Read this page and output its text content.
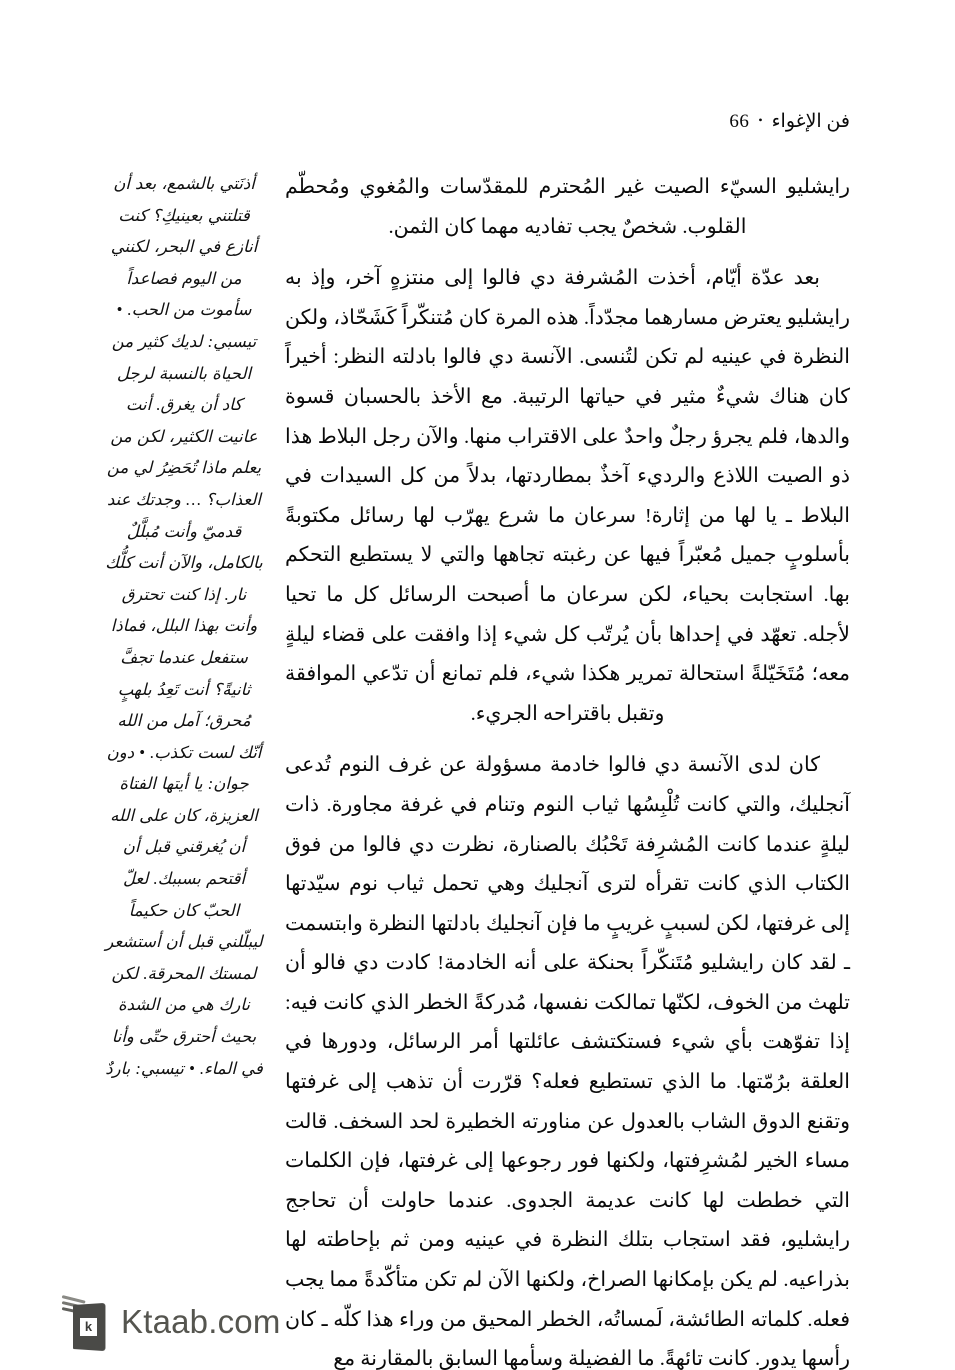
فن الإغواء
•
66

أذنَتي بالشمع، بعد أن قتلتني بعينيكِ؟ كنت أنازع في البحر، لكنني من اليوم فصاعداً سأموت من الحب. • تيسبي: لديك كثير من الحياة بالنسبة لرجل كاد أن يغرق. أنت عانيت الكثير، لكن من يعلم ماذا تُحَضِرُ لي من العذاب؟ … وجدتك عند قدميّ وأنت مُبلَّلٌ بالكامل، والآن أنت كلُّك نار. إذا كنت تحترق وأنت بهذا البلل، فماذا ستفعل عندما تجفَّ ثانيةً؟ أنت تَعِدُ بلهبٍ مُحرق؛ آمل من الله أنّك لست تكذب. • دون جوان: يا أيتها الفتاة العزيزة، كان على الله أن يُغرقني قبل أن أقتحم بسببك. لعلّ الحبّ كان حكيماً ليبلّلني قبل أن أستشعر لمستك المحرقة. لكن نارك هي من الشدة بحيث أحترق حتّى وأنا في الماء. • تيسبي: باردٌ

رايشليو السيّء الصيت غير المُحترم للمقدّسات والمُغوي ومُحطّم القلوب. شخصٌ يجب تفاديه مهما كان الثمن.

بعد عدّة أيّام، أخذت المُشرفة دي فالوا إلى منتزهٍ آخر، وإذ به رايشليو يعترض مسارهما مجدّداً. هذه المرة كان مُتنكّراً كَشَحّاذ، ولكن النظرة في عينيه لم تكن لتُنسى. الآنسة دي فالوا بادلته النظر: أخيراً كان هناك شيءٌ مثير في حياتها الرتيبة. مع الأخذ بالحسبان قسوة والدها، فلم يجرؤ رجلٌ واحدٌ على الاقتراب منها. والآن رجل البلاط هذا ذو الصيت اللاذع والرديء آخذٌ بمطاردتها، بدلاً من كل السيدات في البلاط ـ يا لها من إثارة! سرعان ما شرع يهرّب لها رسائل مكتوبةً بأسلوبٍ جميل مُعبّراً فيها عن رغبته تجاهها والتي لا يستطيع التحكم بها. استجابت بحياء، لكن سرعان ما أصبحت الرسائل كل ما تحيا لأجله. تعهّد في إحداها بأن يُرتّب كل شيء إذا وافقت على قضاء ليلةٍ معه؛ مُتَخَيّلةً استحالة تمرير هكذا شيء، فلم تمانع أن تدّعي الموافقة وتقبل باقتراحه الجريء.

كان لدى الآنسة دي فالوا خادمة مسؤولة عن غرف النوم تُدعى آنجليك، والتي كانت تُلْبِسُها ثياب النوم وتنام في غرفة مجاورة. ذات ليلةٍ عندما كانت المُشرِفة تَحْبُك بالصنارة، نظرت دي فالوا من فوق الكتاب الذي كانت تقرأه لترى آنجليك وهي تحمل ثياب نوم سيّدتها إلى غرفتها، لكن لسببٍ غريبٍ ما فإن آنجليك بادلتها النظرة وابتسمت ـ لقد كان رايشليو مُتَنكّراً بحنكة على أنه الخادمة! كادت دي فالو أن تلهث من الخوف، لكنّها تمالكت نفسها، مُدركةً الخطر الذي كانت فيه: إذا تفوّهت بأي شيء فستكتشف عائلتها أمر الرسائل، ودورها في العلقة برُمّتها. ما الذي تستطيع فعله؟ قرّرت أن تذهب إلى غرفتها وتقنع الدوق الشاب بالعدول عن مناورته الخطيرة لحد السخف. قالت مساء الخير لمُشرِفتها، ولكنها فور رجوعها إلى غرفتها، فإن الكلمات التي خططت لها كانت عديمة الجدوى. عندما حاولت أن تحاجج رايشليو، فقد استجاب بتلك النظرة في عينيه ومن ثم بإحاطته لها بذراعيه. لم يكن بإمكانها الصراخ، ولكنها الآن لم تكن متأكّدةً مما يجب فعله. كلماته الطائشة، لَمساتُه، الخطر المحيق من وراء هذا كلّه ـ كان رأسها يدور. كانت تائهةً. ما الفضيلة وسأمها السابق بالمقارنة مع

k Ktaab.com
